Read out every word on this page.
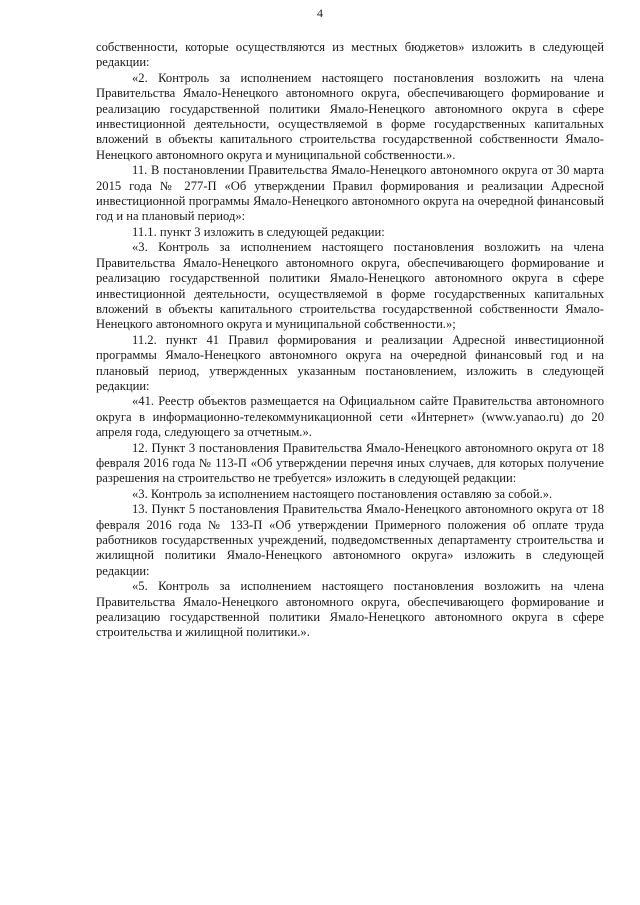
4

собственности, которые осуществляются из местных бюджетов» изложить в следующей редакции:

«2. Контроль за исполнением настоящего постановления возложить на члена Правительства Ямало-Ненецкого автономного округа, обеспечивающего формирование и реализацию государственной политики Ямало-Ненецкого автономного округа в сфере инвестиционной деятельности, осуществляемой в форме государственных капитальных вложений в объекты капитального строительства государственной собственности Ямало-Ненецкого автономного округа и муниципальной собственности.».

11. В постановлении Правительства Ямало-Ненецкого автономного округа от 30 марта 2015 года № 277-П «Об утверждении Правил формирования и реализации Адресной инвестиционной программы Ямало-Ненецкого автономного округа на очередной финансовый год и на плановый период»:

11.1. пункт 3 изложить в следующей редакции:

«3. Контроль за исполнением настоящего постановления возложить на члена Правительства Ямало-Ненецкого автономного округа, обеспечивающего формирование и реализацию государственной политики Ямало-Ненецкого автономного округа в сфере инвестиционной деятельности, осуществляемой в форме государственных капитальных вложений в объекты капитального строительства государственной собственности Ямало-Ненецкого автономного округа и муниципальной собственности.»;

11.2. пункт 41 Правил формирования и реализации Адресной инвестиционной программы Ямало-Ненецкого автономного округа на очередной финансовый год и на плановый период, утвержденных указанным постановлением, изложить в следующей редакции:

«41. Реестр объектов размещается на Официальном сайте Правительства автономного округа в информационно-телекоммуникационной сети «Интернет» (www.yanao.ru) до 20 апреля года, следующего за отчетным.».

12. Пункт 3 постановления Правительства Ямало-Ненецкого автономного округа от 18 февраля 2016 года № 113-П «Об утверждении перечня иных случаев, для которых получение разрешения на строительство не требуется» изложить в следующей редакции:

«3. Контроль за исполнением настоящего постановления оставляю за собой.».

13. Пункт 5 постановления Правительства Ямало-Ненецкого автономного округа от 18 февраля 2016 года № 133-П «Об утверждении Примерного положения об оплате труда работников государственных учреждений, подведомственных департаменту строительства и жилищной политики Ямало-Ненецкого автономного округа» изложить в следующей редакции:

«5. Контроль за исполнением настоящего постановления возложить на члена Правительства Ямало-Ненецкого автономного округа, обеспечивающего формирование и реализацию государственной политики Ямало-Ненецкого автономного округа в сфере строительства и жилищной политики.».
